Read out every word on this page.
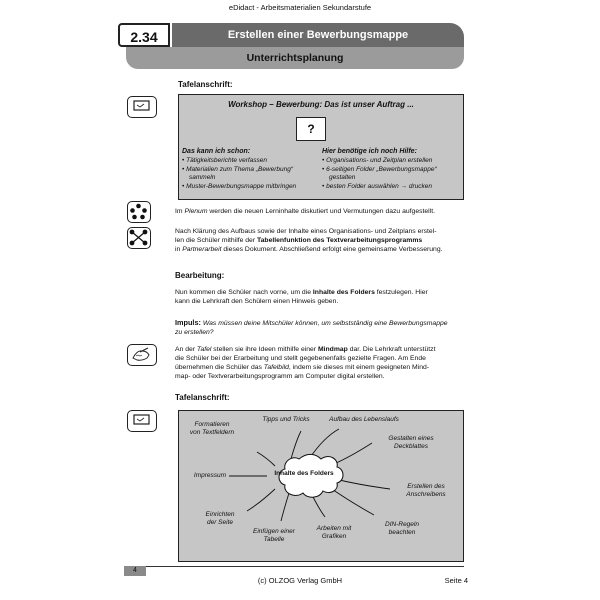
eDidact - Arbeitsmaterialien Sekundarstufe
2.34	Erstellen einer Bewerbungsmappe
Unterrichtsplanung
Tafelanschrift:
Workshop – Bewerbung: Das ist unser Auftrag ...
?
Das kann ich schon:
• Tätigkeitsberichte verfassen
• Materialien zum Thema „Bewerbung“
sammeln
• Muster-Bewerbungsmappe mitbringen
Hier benötige ich noch Hilfe:
• Organisations- und Zeitplan erstellen
• 6-seitigen Folder „Bewerbungsmappe“
gestalten
• besten Folder auswählen → drucken
Im Plenum werden die neuen Lerninhalte diskutiert und Vermutungen dazu aufgestellt.
Nach Klärung des Aufbaus sowie der Inhalte eines Organisations- und Zeitplans erstel-
len die Schüler mithilfe der Tabellenfunktion des Textverarbeitungsprogramms
in Partnerarbeit dieses Dokument. Abschließend erfolgt eine gemeinsame Verbesserung.
Bearbeitung:
Nun kommen die Schüler nach vorne, um die Inhalte des Folders festzulegen. Hier
kann die Lehrkraft den Schülern einen Hinweis geben.
Impuls: Was müssen deine Mitschüler können, um selbstständig eine Bewerbungsmappe
zu erstellen?
An der Tafel stellen sie ihre Ideen mithilfe einer Mindmap dar. Die Lehrkraft unterstützt
die Schüler bei der Erarbeitung und stellt gegebenenfalls gezielte Fragen. Am Ende
übernehmen die Schüler das Tafelbild, indem sie dieses mit einem geeigneten Mind-
map- oder Textverarbeitungsprogramm am Computer digital erstellen.
Tafelanschrift:
Inhalte des Folders
Formatieren
von Textfeldern
Tipps und Tricks	Aufbau des Lebenslaufs
Gestalten eines
Deckblattes
Impressum
Erstellen des
Anschreibens
Einrichten
der Seite
Einfügen einer
Tabelle
Arbeiten mit
Grafiken
DIN-Regeln
beachten
4
(c) OLZOG Verlag GmbH	Seite 4
